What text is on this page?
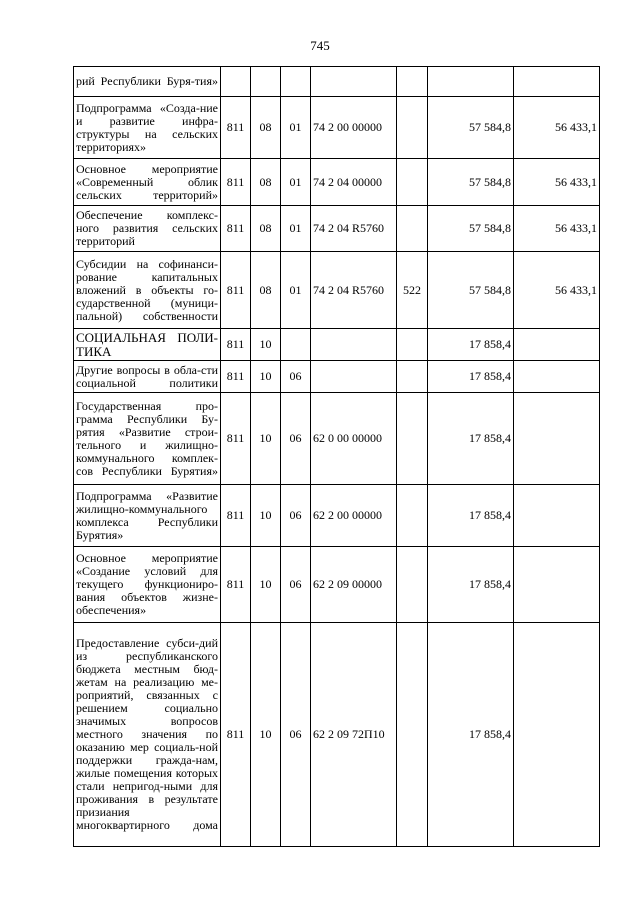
745
рий Республики Буря-тия»							
Подпрограмма «Созда-ние и развитие инфра-структуры на сельских территориях»	811	08	01	74 2 00 00000		57 584,8	56 433,1
Основное мероприятие «Современный облик сельских территорий»	811	08	01	74 2 04 00000		57 584,8	56 433,1
Обеспечение комплекс-ного развития сельских территорий	811	08	01	74 2 04 R5760		57 584,8	56 433,1
Субсидии на софинанси-рование капитальных вложений в объекты го-сударственной (муници-пальной) собственности	811	08	01	74 2 04 R5760	522	57 584,8	56 433,1
СОЦИАЛЬНАЯ ПОЛИ-ТИКА	811	10				17 858,4	
Другие вопросы в обла-сти социальной политики	811	10	06			17 858,4	
Государственная про-грамма Республики Бу-рятия «Развитие строи-тельного и жилищно-коммунального комплек-сов Республики Бурятия»	811	10	06	62 0 00 00000		17 858,4	
Подпрограмма «Развитие жилищно-коммунального комплекса Республики Бурятия»	811	10	06	62 2 00 00000		17 858,4	
Основное мероприятие «Создание условий для текущего функциониро-вания объектов жизне-обеспечения»	811	10	06	62 2 09 00000		17 858,4	
Предоставление субси-дий из республиканского бюджета местным бюд-жетам на реализацию ме-роприятий, связанных с решением социально значимых вопросов местного значения по оказанию мер социаль-ной поддержки гражда-нам, жилые помещения которых стали непригод-ными для проживания в результате призиания многоквартирного дома	811	10	06	62 2 09 72П10		17 858,4	
